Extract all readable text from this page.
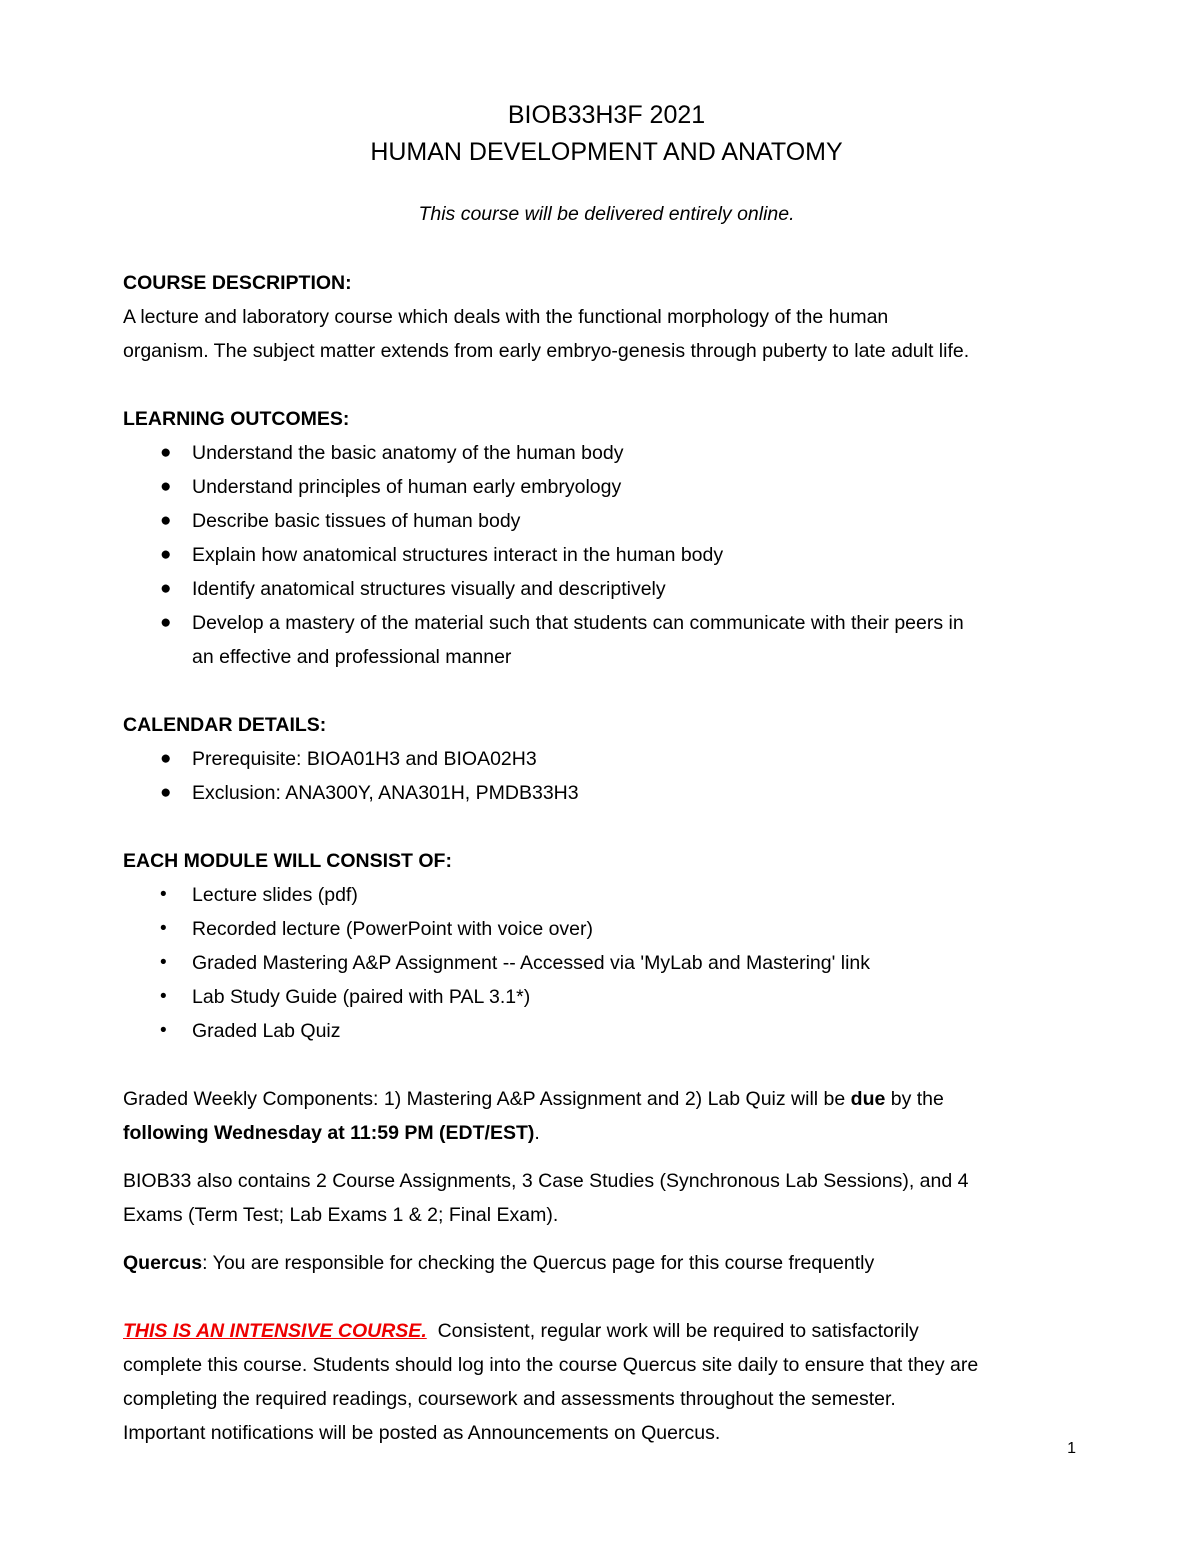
BIOB33H3F 2021

HUMAN DEVELOPMENT AND ANATOMY

This course will be delivered entirely online.

COURSE DESCRIPTION:

A lecture and laboratory course which deals with the functional morphology of the human

organism. The subject matter extends from early embryo-genesis through puberty to late adult life.

LEARNING OUTCOMES:

● Understand the basic anatomy of the human body
● Understand principles of human early embryology
● Describe basic tissues of human body
● Explain how anatomical structures interact in the human body
● Identify anatomical structures visually and descriptively
● Develop a mastery of the material such that students can communicate with their peers in
an effective and professional manner

CALENDAR DETAILS:

● Prerequisite: BIOA01H3 and BIOA02H3
● Exclusion: ANA300Y, ANA301H, PMDB33H3

EACH MODULE WILL CONSIST OF:

• Lecture slides (pdf)
• Recorded lecture (PowerPoint with voice over)
• Graded Mastering A&P Assignment -- Accessed via 'MyLab and Mastering' link
• Lab Study Guide (paired with PAL 3.1*)
• Graded Lab Quiz

Graded Weekly Components: 1) Mastering A&P Assignment and 2) Lab Quiz will be due by the
following Wednesday at 11:59 PM (EDT/EST).

BIOB33 also contains 2 Course Assignments, 3 Case Studies (Synchronous Lab Sessions), and 4

Exams (Term Test; Lab Exams 1 & 2; Final Exam).

Quercus: You are responsible for checking the Quercus page for this course frequently

THIS IS AN INTENSIVE COURSE.  Consistent, regular work will be required to satisfactorily

complete this course. Students should log into the course Quercus site daily to ensure that they are

completing the required readings, coursework and assessments throughout the semester.

Important notifications will be posted as Announcements on Quercus.

1
